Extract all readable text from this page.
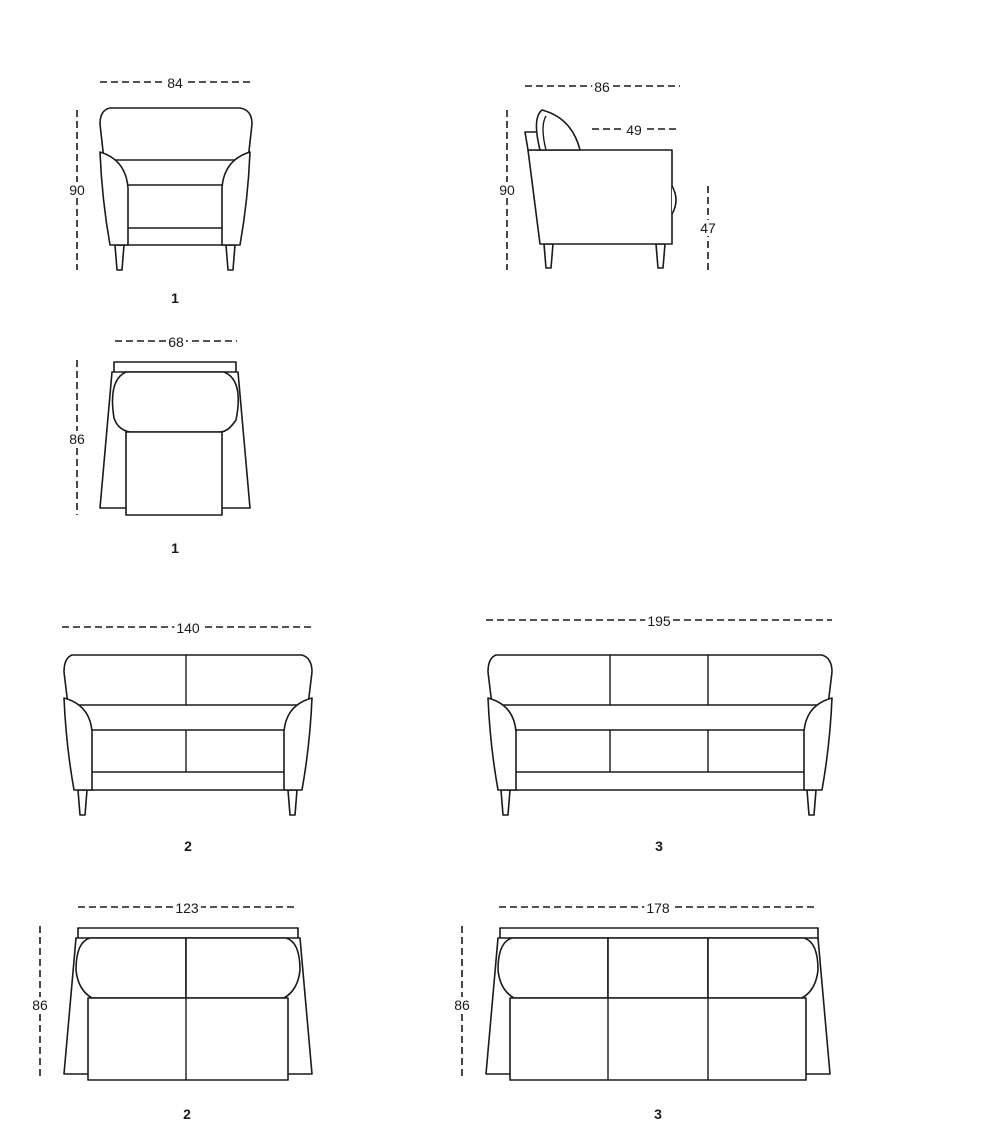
84
90
1
86
49
90
47
68
86
1
140
2
195
3
123
86
2
178
86
3
